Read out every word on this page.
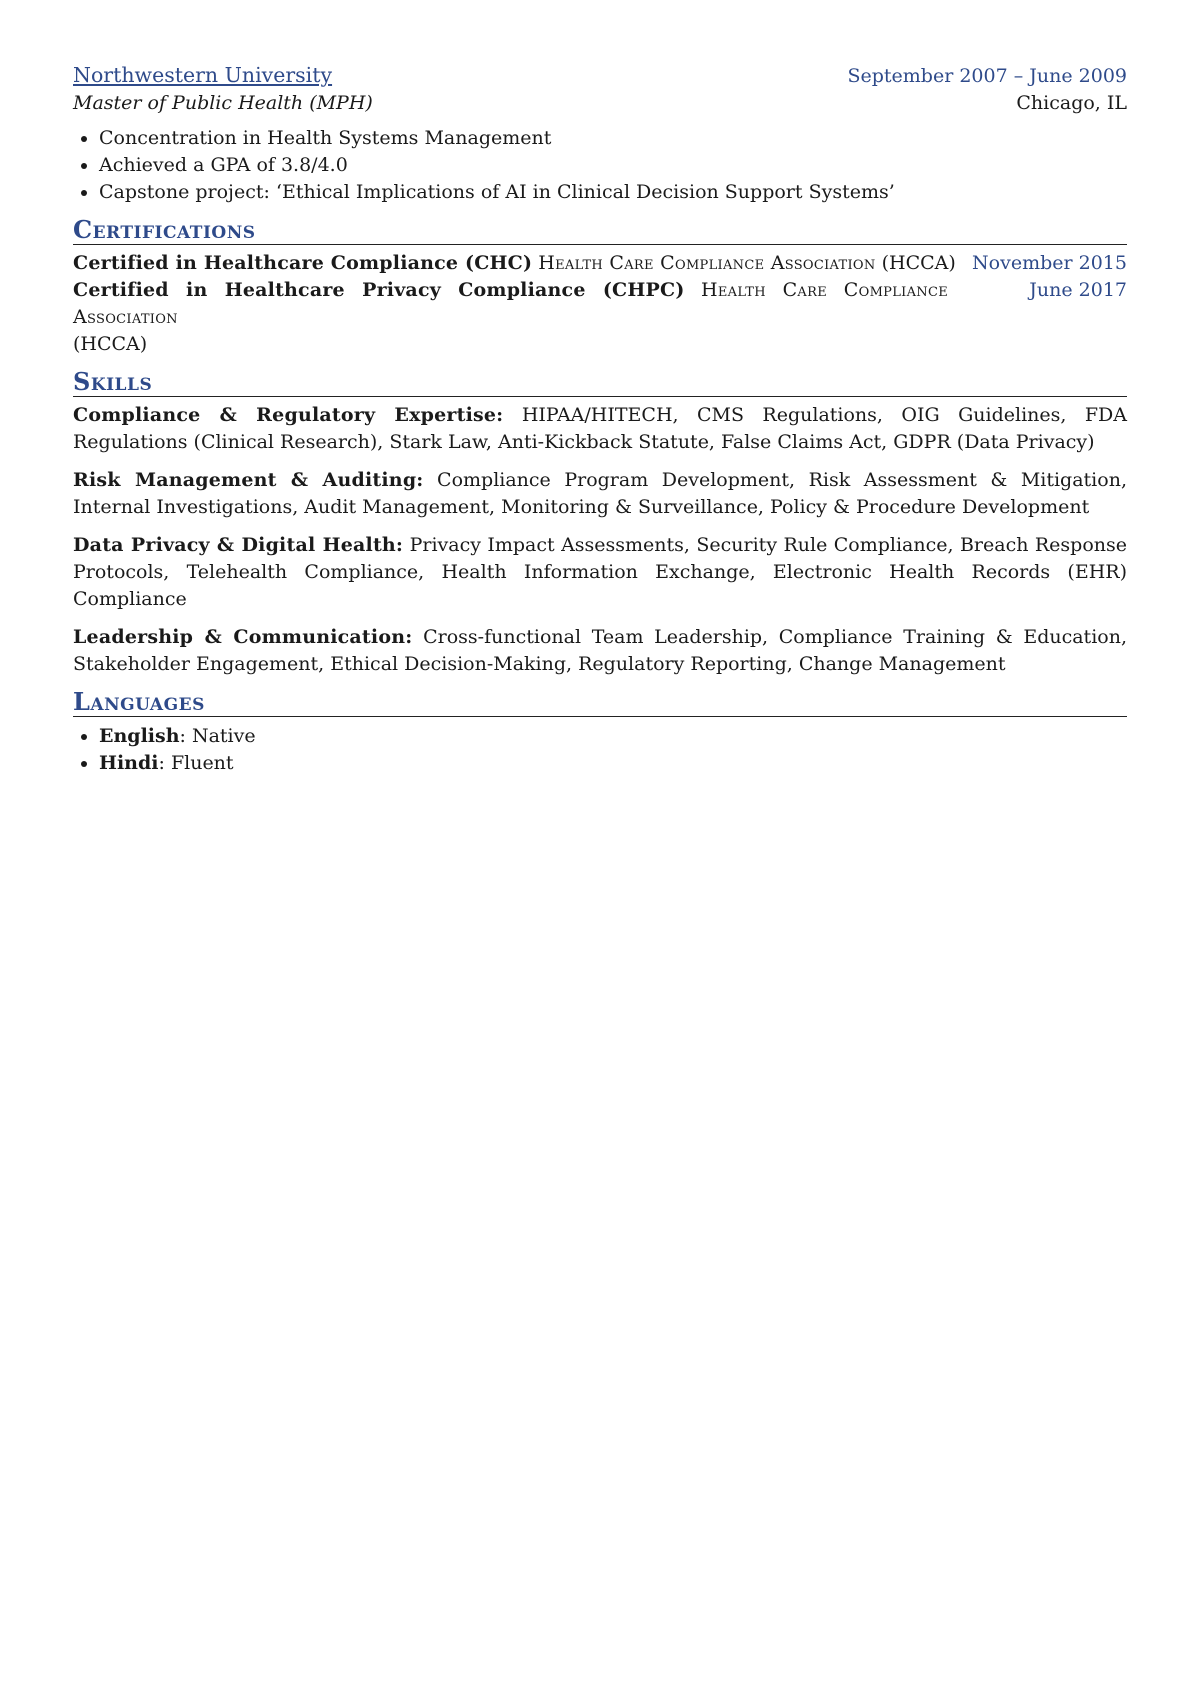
Northwestern University	September 2007 – June 2009
Master of Public Health (MPH)	Chicago, IL
• Concentration in Health Systems Management
• Achieved a GPA of 3.8/4.0
• Capstone project: ‘Ethical Implications of AI in Clinical Decision Support Systems’
Certifications
Certified in Healthcare Compliance (CHC) Health Care Compliance Association (HCCA) November 2015
Certified in Healthcare Privacy Compliance (CHPC) Health Care Compliance Association
June 2017
(HCCA)
Skills

Compliance & Regulatory Expertise: HIPAA/HITECH, CMS Regulations, OIG Guidelines, FDA Regulations (Clinical Research), Stark Law, Anti-Kickback Statute, False Claims Act, GDPR (Data Privacy)

Risk Management & Auditing: Compliance Program Development, Risk Assessment & Mitigation, Internal Investigations, Audit Management, Monitoring & Surveillance, Policy & Procedure Development

Data Privacy & Digital Health: Privacy Impact Assessments, Security Rule Compliance, Breach Response Protocols, Telehealth Compliance, Health Information Exchange, Electronic Health Records (EHR) Compliance

Leadership & Communication: Cross-functional Team Leadership, Compliance Training & Education, Stakeholder Engagement, Ethical Decision-Making, Regulatory Reporting, Change Management

Languages
• English: Native
• Hindi: Fluent
